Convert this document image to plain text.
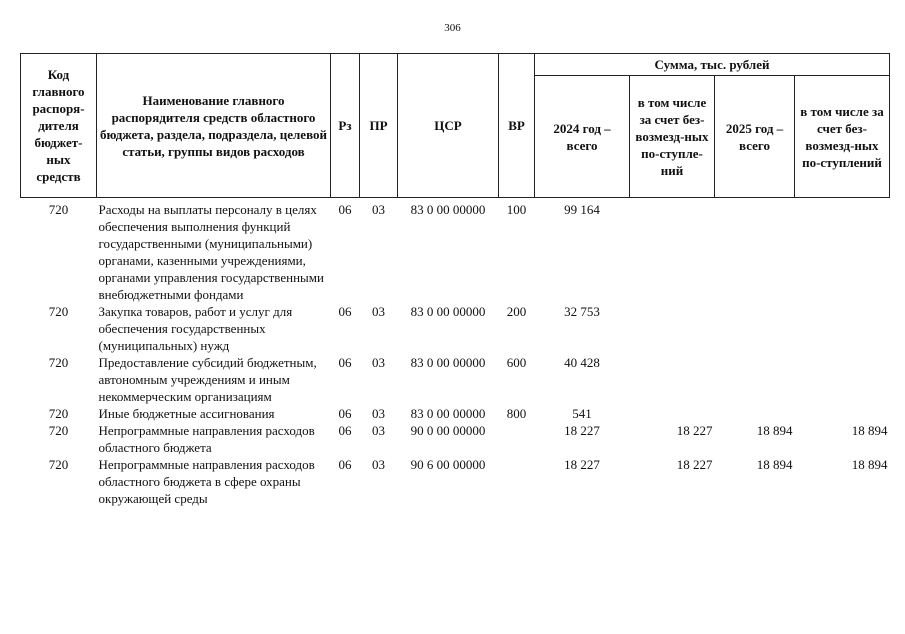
306
Код главного распоря-дителя бюджет-ных средств	Наименование главного распорядителя средств областного бюджета, раздела, подраздела, целевой статьи, группы видов расходов	Рз	ПР	ЦСР	ВР	Сумма, тыс. рублей			
						2024 год – всего	в том числе за счет без-возмезд-ных по-ступле-ний	2025 год – всего	в том числе за счет без-возмезд-ных по-ступлений
720	Расходы на выплаты персоналу в целях обеспечения выполнения функций государственными (муниципальными) органами, казенными учреждениями, органами управления государственными внебюджетными фондами	06	03	83 0 00 00000	100	99 164			
720	Закупка товаров, работ и услуг для обеспечения государственных (муниципальных) нужд	06	03	83 0 00 00000	200	32 753			
720	Предоставление субсидий бюджетным, автономным учреждениям и иным некоммерческим организациям	06	03	83 0 00 00000	600	40 428			
720	Иные бюджетные ассигнования	06	03	83 0 00 00000	800	541			
720	Непрограммные направления расходов областного бюджета	06	03	90 0 00 00000		18 227	18 227	18 894	18 894
720	Непрограммные направления расходов областного бюджета в сфере охраны окружающей среды	06	03	90 6 00 00000		18 227	18 227	18 894	18 894
